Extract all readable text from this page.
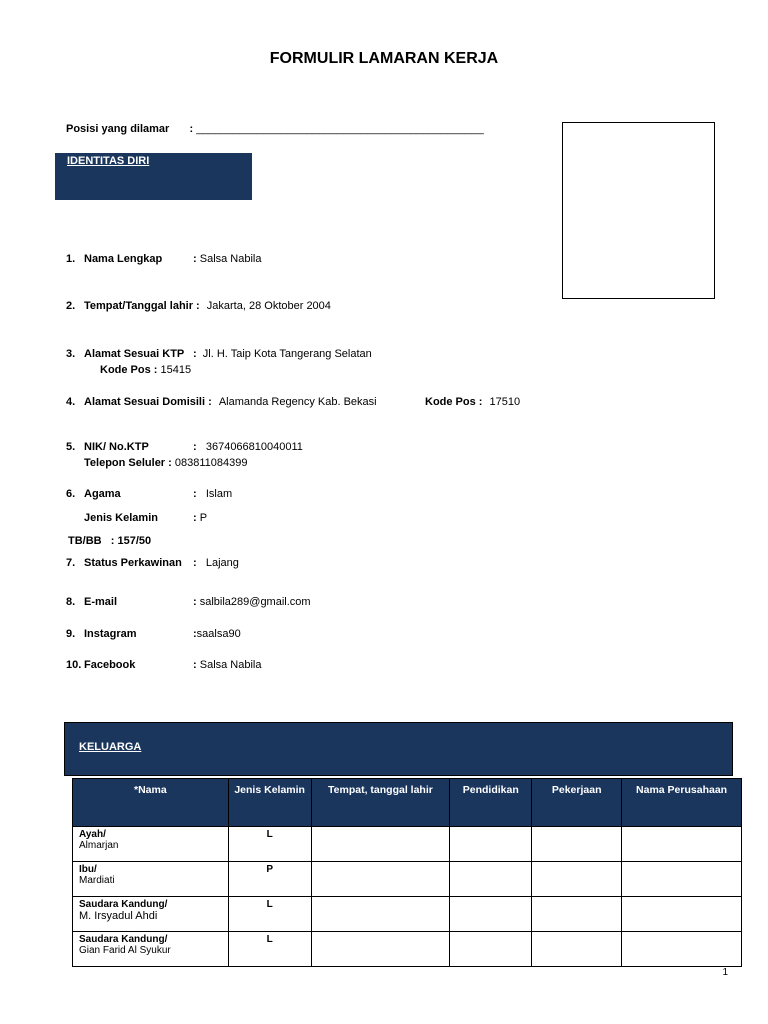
FORMULIR LAMARAN KERJA
Posisi yang dilamar : _______________________________________________
IDENTITAS DIRI
1. Nama Lengkap	: Salsa Nabila
2. Tempat/Tanggal lahir : Jakarta, 28 Oktober 2004
3. Alamat Sesuai KTP : Jl. H. Taip Kota Tangerang Selatan
Kode Pos : 15415
4. Alamat Sesuai Domisili : Alamanda Regency Kab. Bekasi	Kode Pos : 17510
5. NIK/ No.KTP	: 3674066810040011
Telepon Seluler : 083811084399
6. Agama	: Islam
Jenis Kelamin	: P
TB/BB : 157/50
7. Status Perkawinan : Lajang
8. E-mail	: salbila289@gmail.com
9. Instagram	:saalsa90
10. Facebook	: Salsa Nabila
KELUARGA
*Nama	Jenis Kelamin	Tempat, tanggal lahir	Pendidikan	Pekerjaan	Nama Perusahaan

Ayah/
Almarjan	L				

Ibu/
Mardiati	P				

Saudara Kandung/
M. Irsyadul Ahdi	L				

Saudara Kandung/
Gian Farid Al Syukur	L				
1
